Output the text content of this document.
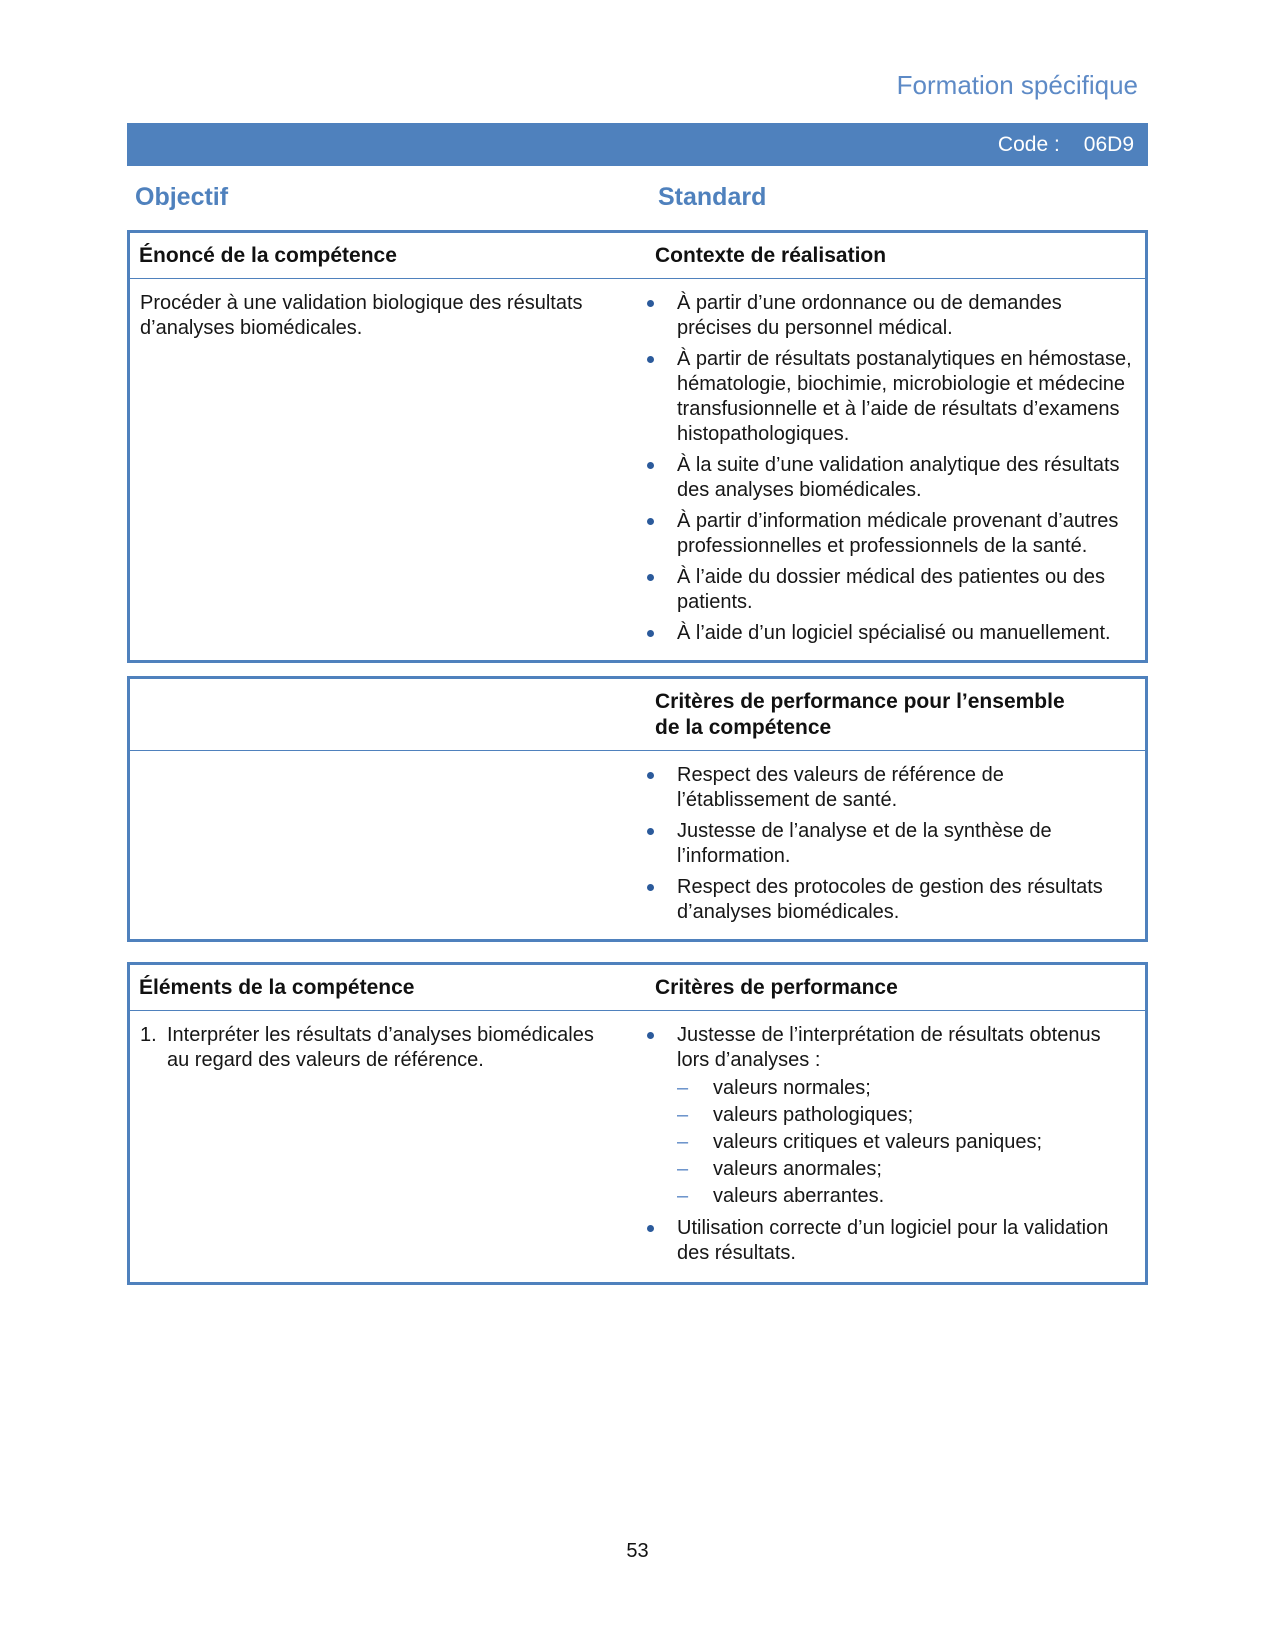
Formation spécifique
Code : 06D9
Objectif	Standard
Énoncé de la compétence	Contexte de réalisation
Procéder à une validation biologique des résultats d’analyses biomédicales.
À partir d’une ordonnance ou de demandes précises du personnel médical.
À partir de résultats postanalytiques en hémostase, hématologie, biochimie, microbiologie et médecine transfusionnelle et à l’aide de résultats d’examens histopathologiques.
À la suite d’une validation analytique des résultats des analyses biomédicales.
À partir d’information médicale provenant d’autres professionnelles et professionnels de la santé.
À l’aide du dossier médical des patientes ou des patients.
À l’aide d’un logiciel spécialisé ou manuellement.
Critères de performance pour l’ensemble de la compétence
Respect des valeurs de référence de l’établissement de santé.
Justesse de l’analyse et de la synthèse de l’information.
Respect des protocoles de gestion des résultats d’analyses biomédicales.
Éléments de la compétence	Critères de performance
1. Interpréter les résultats d’analyses biomédicales au regard des valeurs de référence.
Justesse de l’interprétation de résultats obtenus lors d’analyses :
– valeurs normales;
– valeurs pathologiques;
– valeurs critiques et valeurs paniques;
– valeurs anormales;
– valeurs aberrantes.
Utilisation correcte d’un logiciel pour la validation des résultats.
53
